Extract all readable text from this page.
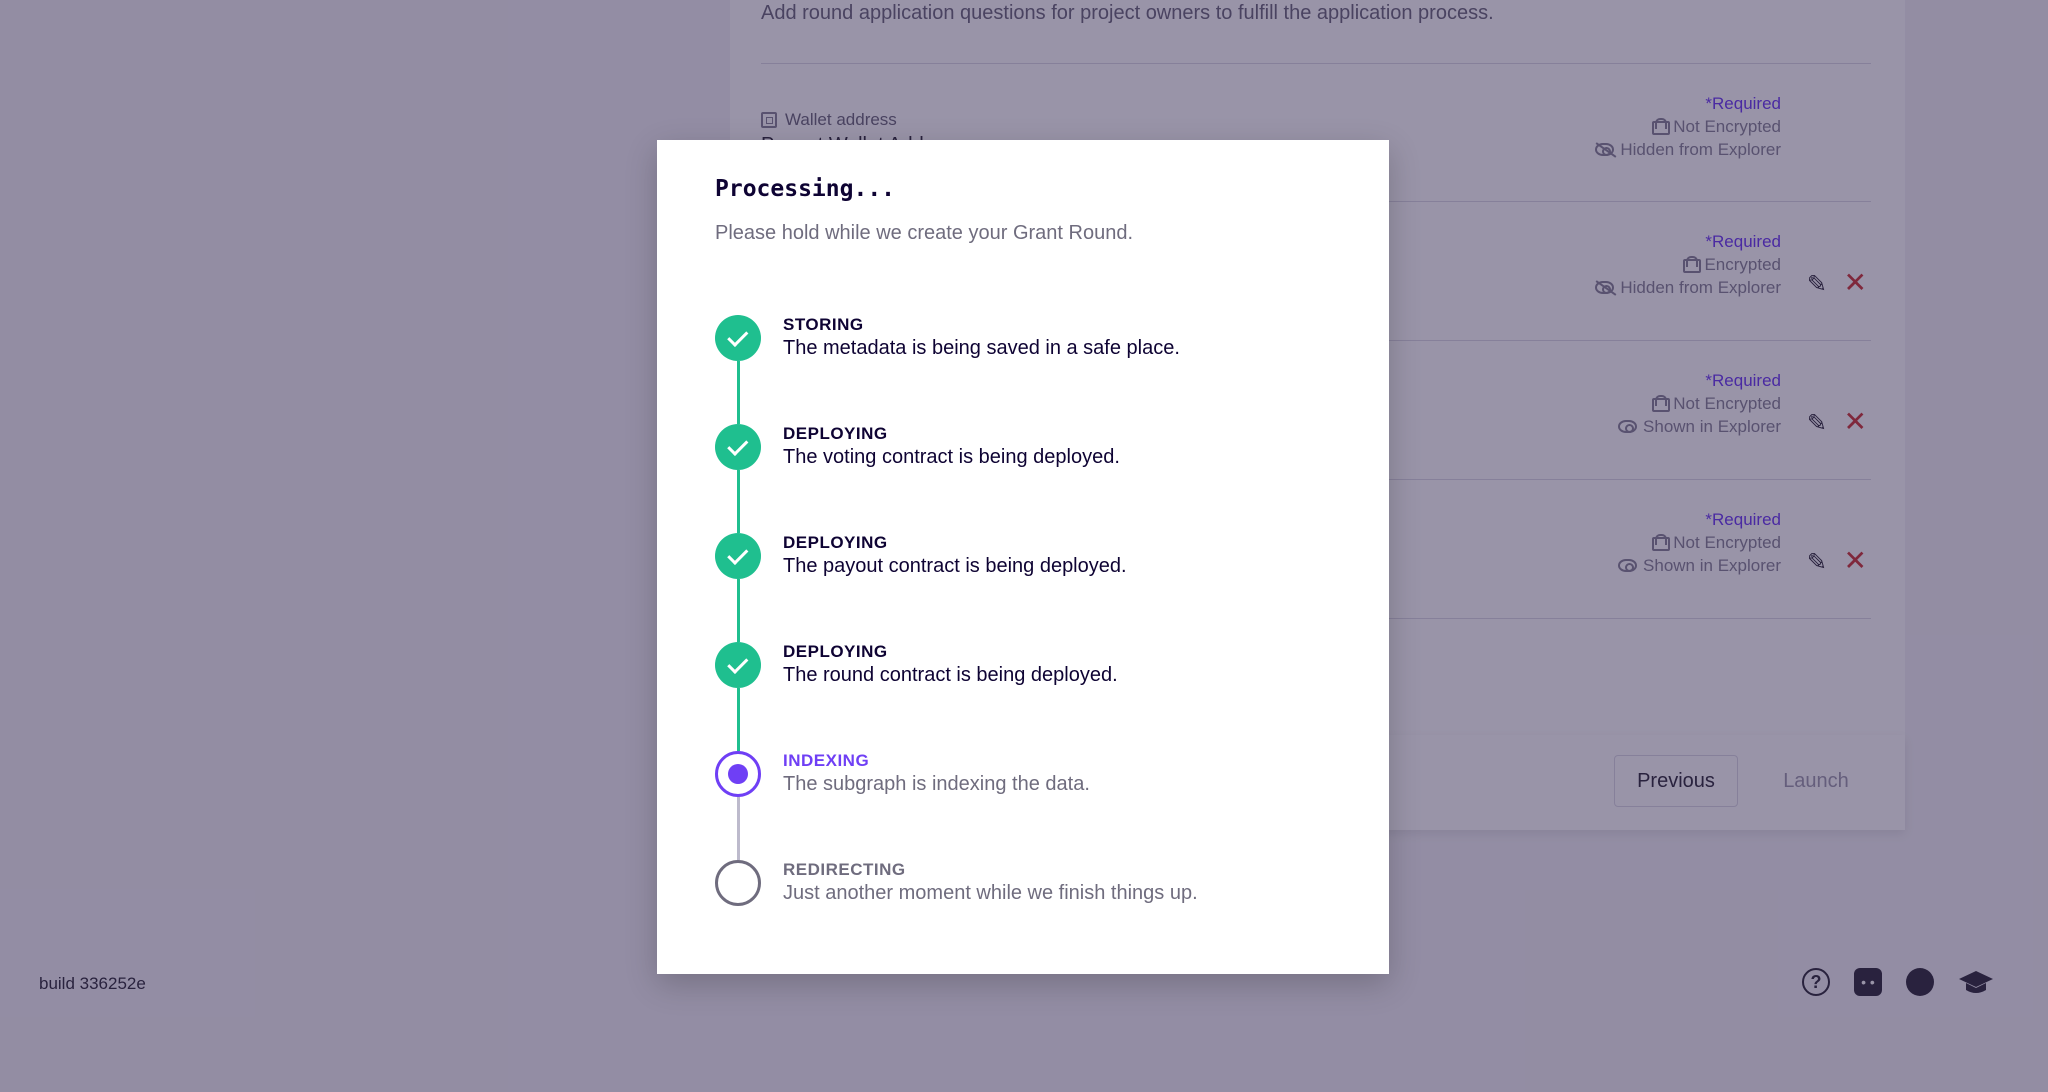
Add round application questions for project owners to fulfill the application process.
Wallet address
*Required
Not Encrypted
Hidden from Explorer
*Required
Encrypted
Hidden from Explorer ✎ ✕
*Required
Not Encrypted
Shown in Explorer ✎ ✕
*Required
Not Encrypted
Shown in Explorer ✎ ✕
Previous	Launch
build 336252e	?
• •
Processing...
Please hold while we create your Grant Round.
STORING
The metadata is being saved in a safe place.
DEPLOYING
The voting contract is being deployed.
DEPLOYING
The payout contract is being deployed.
DEPLOYING
The round contract is being deployed.
INDEXING
The subgraph is indexing the data.
REDIRECTING
Just another moment while we finish things up.
